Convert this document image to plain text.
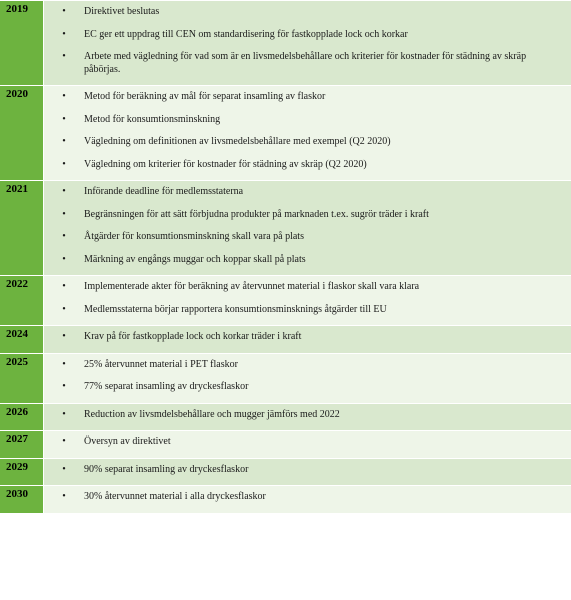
2019	•	Direktivet beslutas
•	EC ger ett uppdrag till CEN om standardisering för fastkopplade lock och korkar
•	Arbete med vägledning för vad som är en livsmedelsbehållare och kriterier för kostnader för städning av skräp påbörjas.
2020	•	Metod för beräkning av mål för separat insamling av flaskor
•	Metod för konsumtionsminskning
•	Vägledning om definitionen av livsmedelsbehållare med exempel (Q2 2020)
•	Vägledning om kriterier för kostnader för städning av skräp (Q2 2020)
2021	•	Införande deadline för medlemsstaterna
•	Begränsningen för att sätt förbjudna produkter på marknaden t.ex. sugrör träder i kraft
•	Åtgärder för konsumtionsminskning skall vara på plats
•	Märkning av engångs muggar och koppar skall på plats
2022	•	Implementerade akter för beräkning av återvunnet material i flaskor skall vara klara
•	Medlemsstaterna börjar rapportera konsumtionsminsknings åtgärder till EU
2024	•	Krav på för fastkopplade lock och korkar träder i kraft
2025	•	25% återvunnet material i PET flaskor
•	77% separat insamling av dryckesflaskor
2026	•	Reduction av livsmdelsbehållare och mugger jämförs med 2022
2027	•	Översyn av direktivet
2029	•	90% separat insamling av dryckesflaskor
2030	•	30% återvunnet material i alla dryckesflaskor
